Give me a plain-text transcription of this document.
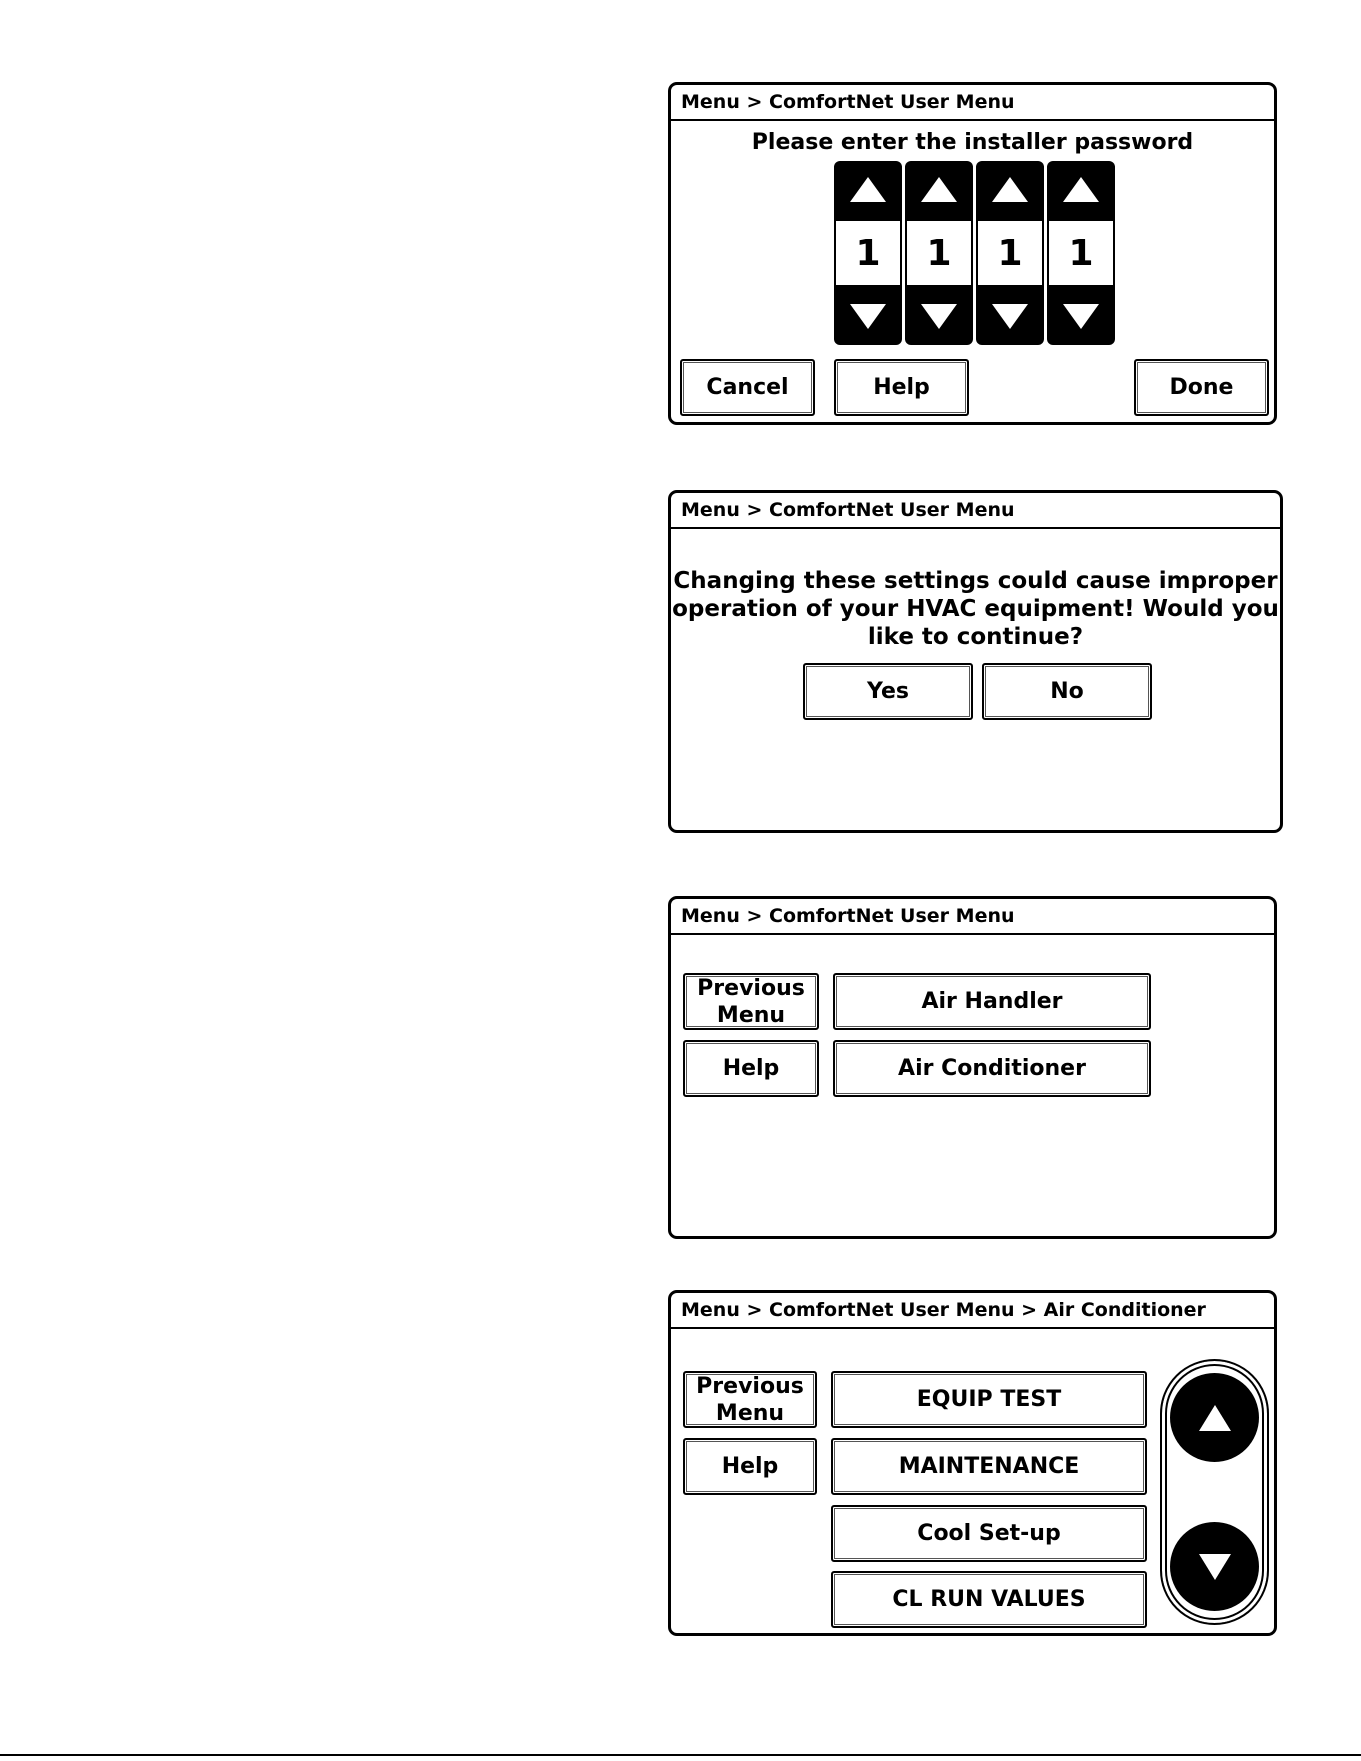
Menu > ComfortNet User Menu
Please enter the installer password
1	1	1	1
Cancel	Help	Done
Menu > ComfortNet User Menu
Changing these settings could cause improper
operation of your HVAC equipment! Would you
like to continue?
Yes	No
Menu > ComfortNet User Menu
Previous
Menu
Help
Air Handler
Air Conditioner
Menu > ComfortNet User Menu > Air Conditioner
Previous
Menu
Help
EQUIP TEST
MAINTENANCE
Cool Set-up
CL RUN VALUES
